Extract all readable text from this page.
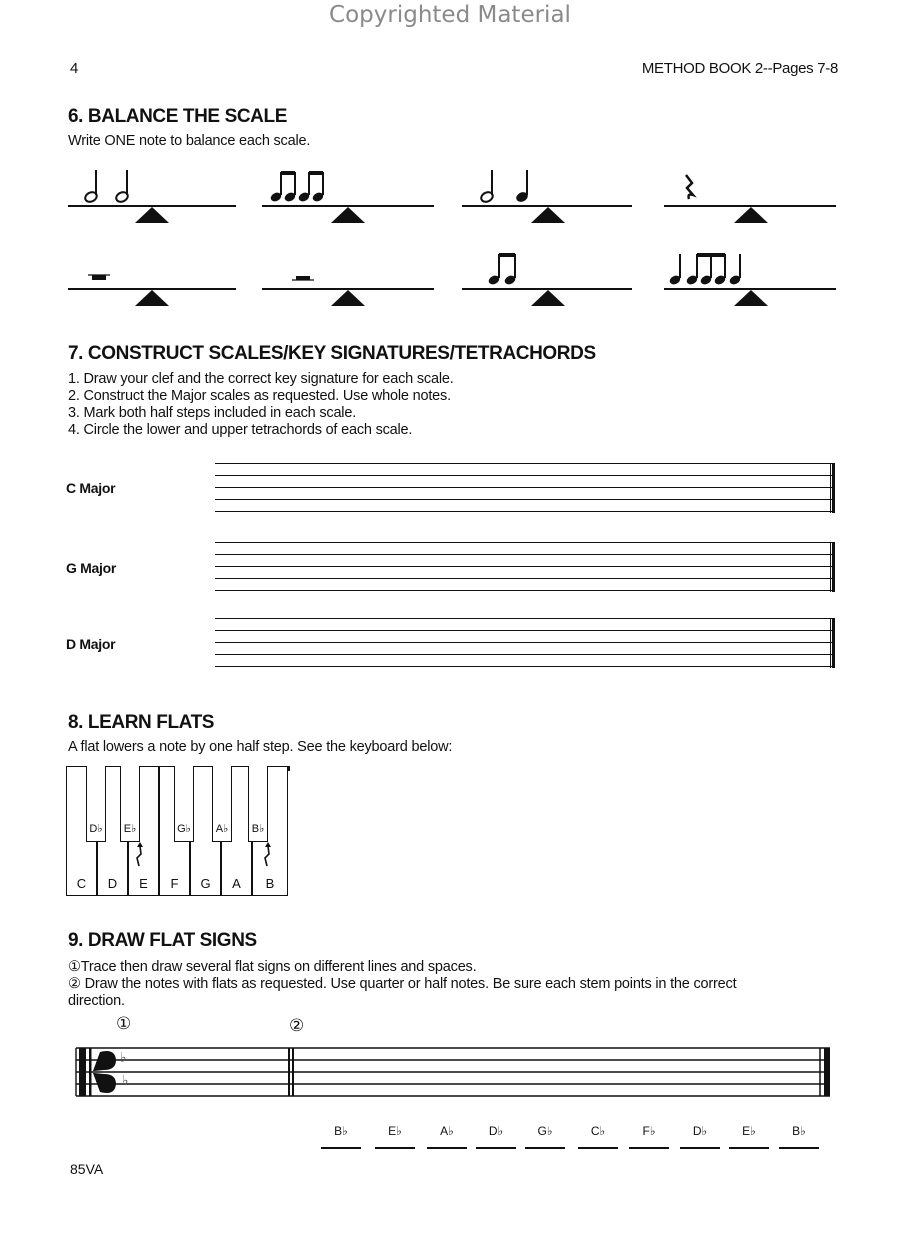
Copyrighted Material
4	METHOD BOOK 2--Pages 7-8
6. BALANCE THE SCALE
Write ONE note to balance each scale.
7. CONSTRUCT SCALES/KEY SIGNATURES/TETRACHORDS
1. Draw your clef and the correct key signature for each scale.
2. Construct the Major scales as requested. Use whole notes.
3. Mark both half steps included in each scale.
4. Circle the lower and upper tetrachords of each scale.
C Major
G Major
D Major
8. LEARN FLATS
A flat lowers a note by one half step. See the keyboard below:
C	D	E	F	G	A	B
D♭ E♭	G♭ A♭ B♭
9. DRAW FLAT SIGNS
①Trace then draw several flat signs on different lines and spaces.
② Draw the notes with flats as requested. Use quarter or half notes. Be sure each stem points in the correct
direction.
①	②
♭
♭
B♭	E♭	A♭	D♭	G♭	C♭	F♭	D♭	E♭	B♭
85VA
